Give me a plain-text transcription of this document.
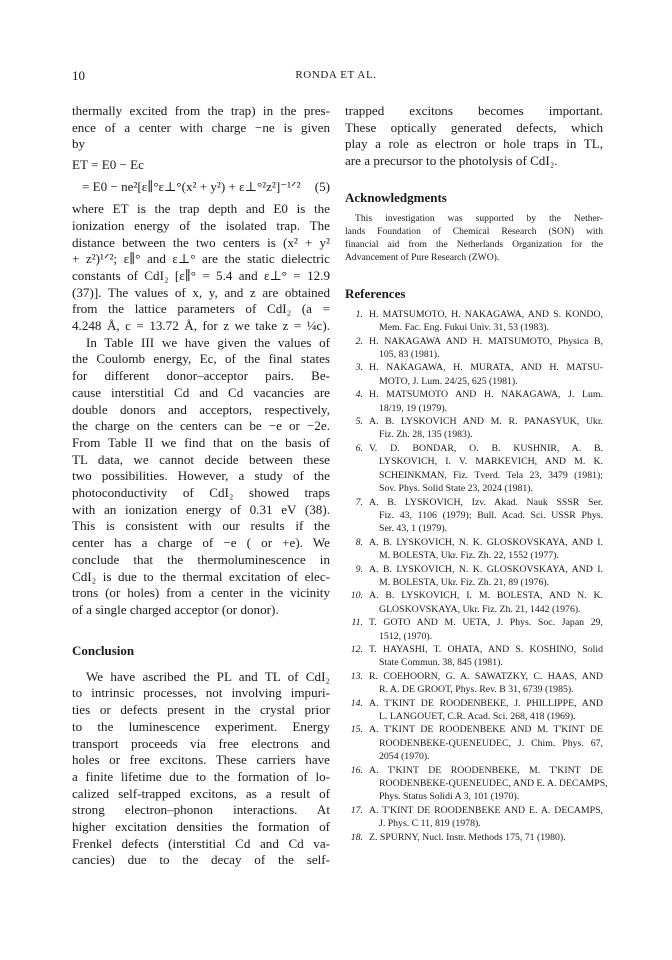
10	RONDA ET AL.
thermally excited from the trap) in the pres-
ence of a center with charge −ne is given
by
ET = E0 − Ec
= E0 − ne²[ε∥°ε⊥°(x² + y²) + ε⊥°²z²]⁻¹ᐟ² (5)
where ET is the trap depth and E0 is the
ionization energy of the isolated trap. The
distance between the two centers is (x² + y²
+ z²)¹ᐟ²; ε∥° and ε⊥° are the static dielectric
constants of CdI₂ [ε∥° = 5.4 and ε⊥° = 12.9
(37)]. The values of x, y, and z are obtained
from the lattice parameters of CdI₂ (a =
4.248 Å, c = 13.72 Å, for z we take z = ¼c).
In Table III we have given the values of
the Coulomb energy, Ec, of the final states
for different donor–acceptor pairs. Be-
cause interstitial Cd and Cd vacancies are
double donors and acceptors, respectively,
the charge on the centers can be −e or −2e.
From Table II we find that on the basis of
TL data, we cannot decide between these
two possibilities. However, a study of the
photoconductivity of CdI₂ showed traps
with an ionization energy of 0.31 eV (38).
This is consistent with our results if the
center has a charge of −e ( or +e). We
conclude that the thermoluminescence in
CdI₂ is due to the thermal excitation of elec-
trons (or holes) from a center in the vicinity
of a single charged acceptor (or donor).
Conclusion
We have ascribed the PL and TL of CdI₂
to intrinsic processes, not involving impuri-
ties or defects present in the crystal prior
to the luminescence experiment. Energy
transport proceeds via free electrons and
holes or free excitons. These carriers have
a finite lifetime due to the formation of lo-
calized self-trapped excitons, as a result of
strong electron–phonon interactions. At
higher excitation densities the formation of
Frenkel defects (interstitial Cd and Cd va-
cancies) due to the decay of the self-
trapped excitons becomes important.
These optically generated defects, which
play a role as electron or hole traps in TL,
are a precursor to the photolysis of CdI₂.
Acknowledgments
This investigation was supported by the Nether-
lands Foundation of Chemical Research (SON) with
financial aid from the Netherlands Organization for the
Advancement of Pure Research (ZWO).
References
1. H. MATSUMOTO, H. NAKAGAWA, AND S. KONDO,
Mem. Fac. Eng. Fukui Univ. 31, 53 (1983).
2. H. NAKAGAWA AND H. MATSUMOTO, Physica B,
105, 83 (1981).
3. H. NAKAGAWA, H. MURATA, AND H. MATSU-
MOTO, J. Lum. 24/25, 625 (1981).
4. H. MATSUMOTO AND H. NAKAGAWA, J. Lum.
18/19, 19 (1979).
5. A. B. LYSKOVICH AND M. R. PANASYUK, Ukr.
Fiz. Zh. 28, 135 (1983).
6. V. D. BONDAR, O. B. KUSHNIR, A. B.
LYSKOVICH, I. V. MARKEVICH, AND M. K.
SCHEINKMAN, Fiz. Tverd. Tela 23, 3479 (1981);
Sov. Phys. Solid State 23, 2024 (1981).
7. A. B. LYSKOVICH, Izv. Akad. Nauk SSSR Ser.
Fiz. 43, 1106 (1979); Bull. Acad. Sci. USSR Phys.
Ser. 43, 1 (1979).
8. A. B. LYSKOVICH, N. K. GLOSKOVSKAYA, AND I.
M. BOLESTA, Ukr. Fiz. Zh. 22, 1552 (1977).
9. A. B. LYSKOVICH, N. K. GLOSKOVSKAYA, AND I.
M. BOLESTA, Ukr. Fiz. Zh. 21, 89 (1976).
10. A. B. LYSKOVICH, I. M. BOLESTA, AND N. K.
GLOSKOVSKAYA, Ukr. Fiz. Zh. 21, 1442 (1976).
11. T. GOTO AND M. UETA, J. Phys. Soc. Japan 29,
1512, (1970).
12. T. HAYASHI, T. OHATA, AND S. KOSHINO, Solid
State Commun. 38, 845 (1981).
13. R. COEHOORN, G. A. SAWATZKY, C. HAAS, AND
R. A. DE GROOT, Phys. Rev. B 31, 6739 (1985).
14. A. T'KINT DE ROODENBEKE, J. PHILLIPPE, AND
L. LANGOUET, C.R. Acad. Sci. 268, 418 (1969).
15. A. T'KINT DE ROODENBEKE AND M. T'KINT DE
ROODENBEKE-QUENEUDEC, J. Chim. Phys. 67,
2054 (1970).
16. A. T'KINT DE ROODENBEKE, M. T'KINT DE
ROODENBEKE-QUENEUDEC, AND E. A. DECAMPS,
Phys. Status Solidi A 3, 101 (1970).
17. A. T'KINT DE ROODENBEKE AND E. A. DECAMPS,
J. Phys. C 11, 819 (1978).
18. Z. SPURNY, Nucl. Instr. Methods 175, 71 (1980).
